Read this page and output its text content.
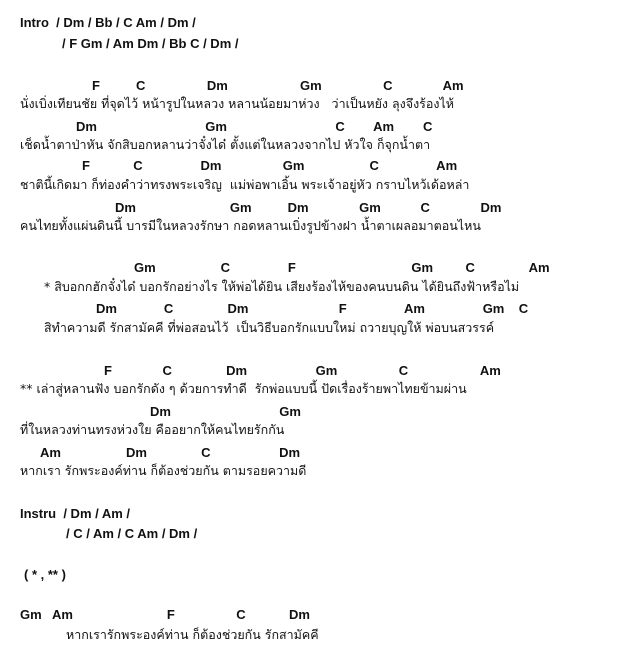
Intro  / Dm / Bb / C Am / Dm /
/ F Gm / Am Dm / Bb C / Dm /
F          C                 Dm                    Gm                 C              Am
นั่งเบิ่งเทียนชัย ที่จุดไว้ หน้ารูปในหลวง หลานน้อยมาห่วง   ว่าเป็นหยัง ลุงจึงร้องไห้
Dm                              Gm                              C        Am        C
เช็ดน้ำตาป่าหัน จักสิบอกหลานว่าจั๋งได๋ ตั้งแต่ในหลวงจากไป หัวใจ ก็จุกน้ำตา
F            C                Dm                 Gm                  C                Am
ชาตินี้เกิดมา ก็ท่องคำว่าทรงพระเจริญ  แม่พ่อพาเอิ้น พระเจ้าอยู่หัว กราบไหว้เด้อหล่า
Dm                          Gm          Dm              Gm           C              Dm
คนไทยทั้งแผ่นดินนี้ บารมีในหลวงรักษา กอดหลานเบิ่งรูปข้างฝา น้ำตาเผลอมาตอนไหน
Gm                  C                F                                Gm         C               Am
* สิบอกกฮักจั๋งได๋ บอกรักอย่างไร ให้พ่อได้ยิน เสียงร้องไห้ของคนบนดิน ได้ยินถึงฟ้าหรือไม่
Dm             C               Dm                         F                Am                Gm    C
สิทำความดี รักสามัคคี ที่พ่อสอนไว้  เป็นวิธีบอกรักแบบใหม่ ถวายบุญให้ พ่อบนสวรรค์
F              C               Dm                   Gm                 C                    Am
** เล่าสู่หลานฟัง บอกรักดัง ๆ ด้วยการทำดี  รักพ่อแบบนี้ ปัดเรื่องร้ายพาไทยข้ามผ่าน
Dm                              Gm
ที่ในหลวงท่านทรงห่วงใย คืออยากให้คนไทยรักกัน
Am                  Dm               C                   Dm
หากเรา รักพระองค์ท่าน ก็ต้องช่วยกัน ตามรอยความดี
Instru  / Dm / Am /
/ C / Am / C Am / Dm /
( * , ** )
Gm   Am                          F                 C            Dm
หากเรารักพระองค์ท่าน ก็ต้องช่วยกัน รักสามัคคี
